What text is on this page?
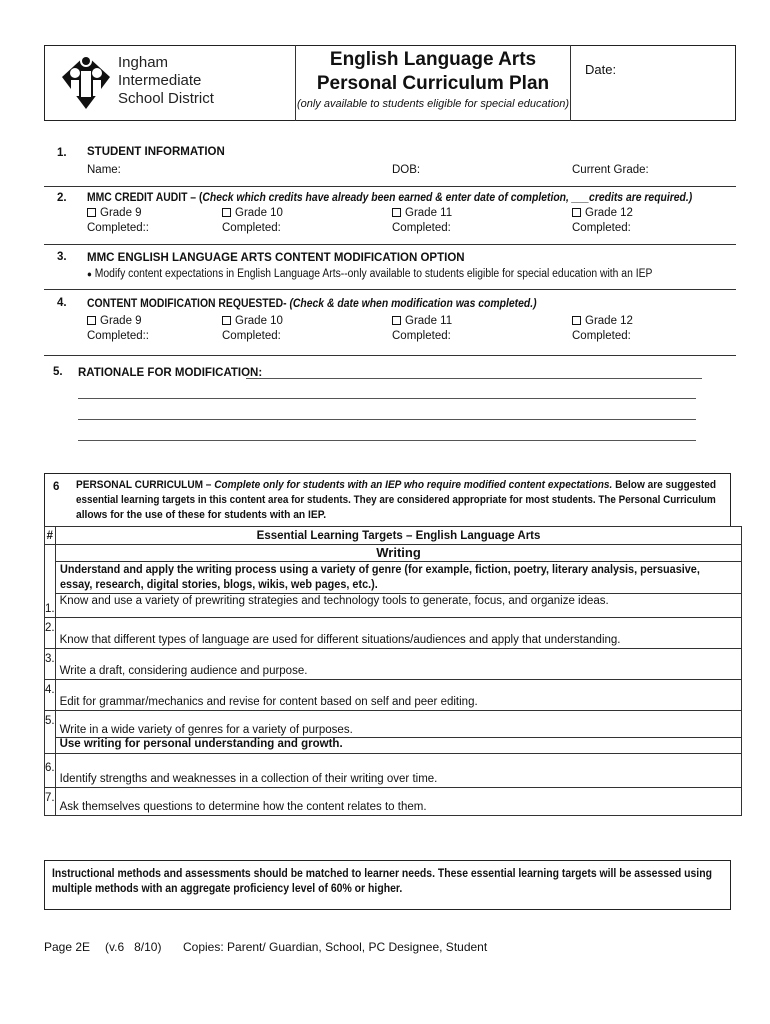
Ingham
Intermediate
School District
English Language Arts
Personal Curriculum Plan
(only available to students eligible for special education)
Date:
1. STUDENT INFORMATION
Name:	DOB:	Current Grade:
2. MMC CREDIT AUDIT – (Check which credits have already been earned & enter date of completion, ___credits are required.)
Grade 9	Grade 10	Grade 11	Grade 12
Completed::	Completed:	Completed:	Completed:
3. MMC ENGLISH LANGUAGE ARTS CONTENT MODIFICATION OPTION
● Modify content expectations in English Language Arts--only available to students eligible for special education with an IEP
4. CONTENT MODIFICATION REQUESTED- (Check & date when modification was completed.)
Grade 9	Grade 10	Grade 11	Grade 12
Completed::	Completed:	Completed:	Completed:
5. RATIONALE FOR MODIFICATION:
6 PERSONAL CURRICULUM – Complete only for students with an IEP who require modified content expectations. Below are suggested
essential learning targets in this content area for students. They are considered appropriate for most students. The Personal Curriculum
allows for the use of these for students with an IEP.
#	Essential Learning Targets – English Language Arts
	Writing

	Understand and apply the writing process using a variety of genre (for example, fiction, poetry, literary analysis, persuasive,
essay, research, digital stories, blogs, wikis, web pages, etc.).

1.	Know and use a variety of prewriting strategies and technology tools to generate, focus, and organize ideas.
2.	Know that different types of language are used for different situations/audiences and apply that understanding.
3.	Write a draft, considering audience and purpose.
4.	Edit for grammar/mechanics and revise for content based on self and peer editing.
5.	Write in a wide variety of genres for a variety of purposes.
	Use writing for personal understanding and growth.
6.	Identify strengths and weaknesses in a collection of their writing over time.
7.	Ask themselves questions to determine how the content relates to them.
Instructional methods and assessments should be matched to learner needs. These essential learning targets will be assessed using
multiple methods with an aggregate proficiency level of 60% or higher.
Page 2E (v.6   8/10) Copies: Parent/ Guardian, School, PC Designee, Student
